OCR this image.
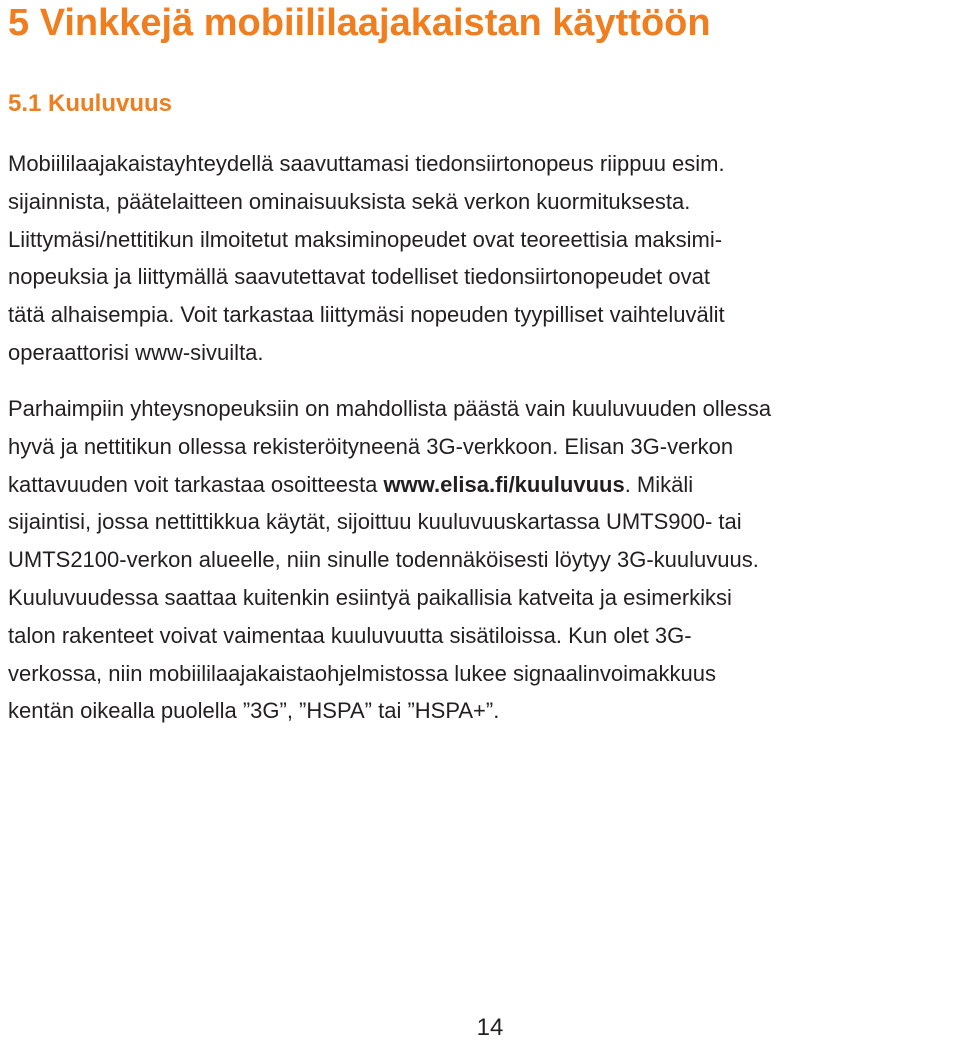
5 Vinkkejä mobiililaajakaistan käyttöön
5.1 Kuuluvuus

Mobiililaajakaistayhteydellä saavuttamasi tiedonsiirtonopeus riippuu esim.
sijainnista, päätelaitteen ominaisuuksista sekä verkon kuormituksesta.
Liittymäsi/nettitikun ilmoitetut maksiminopeudet ovat teoreettisia maksimi-
nopeuksia ja liittymällä saavutettavat todelliset tiedonsiirtonopeudet ovat
tätä alhaisempia. Voit tarkastaa liittymäsi nopeuden tyypilliset vaihteluvälit
operaattorisi www-sivuilta.

Parhaimpiin yhteysnopeuksiin on mahdollista päästä vain kuuluvuuden ollessa
hyvä ja nettitikun ollessa rekisteröityneenä 3G-verkkoon. Elisan 3G-verkon
kattavuuden voit tarkastaa osoitteesta www.elisa.fi/kuuluvuus. Mikäli
sijaintisi, jossa nettittikkua käytät, sijoittuu kuuluvuuskartassa UMTS900- tai
UMTS2100-verkon alueelle, niin sinulle todennäköisesti löytyy 3G-kuuluvuus.
Kuuluvuudessa saattaa kuitenkin esiintyä paikallisia katveita ja esimerkiksi
talon rakenteet voivat vaimentaa kuuluvuutta sisätiloissa. Kun olet 3G-
verkossa, niin mobiililaajakaistaohjelmistossa lukee signaalinvoimakkuus
kentän oikealla puolella ”3G”, ”HSPA” tai ”HSPA+”.

14
